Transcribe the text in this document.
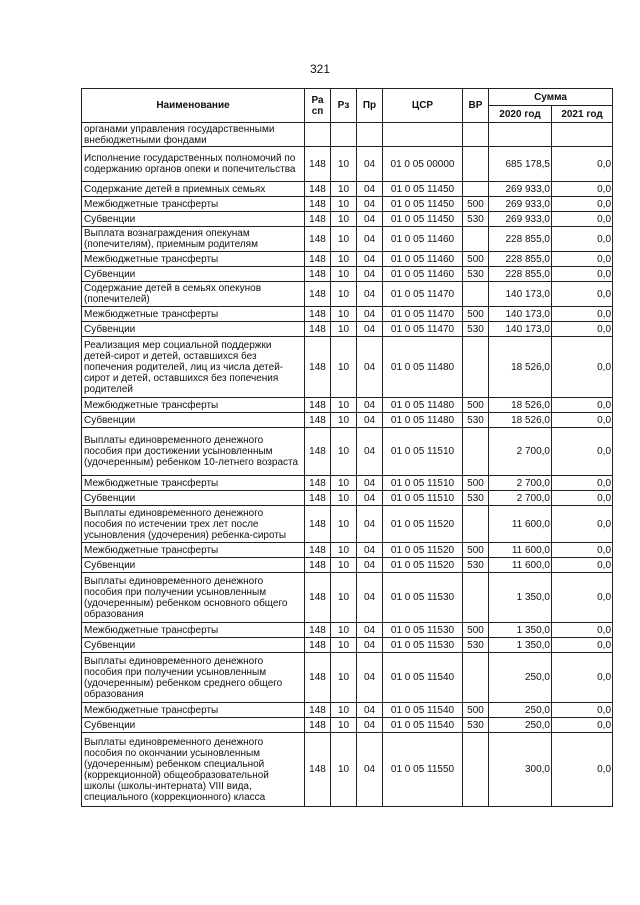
321
Наименование	Ра сп	Рз	Пр	ЦСР	ВР	Сумма	
						2020 год	2021 год
органами управления государственными внебюджетными фондами							
Исполнение государственных полномочий по содержанию органов опеки и попечительства	148	10	04	01 0 05 00000		685 178,5	0,0
Содержание детей в приемных семьях	148	10	04	01 0 05 11450		269 933,0	0,0
Межбюджетные трансферты	148	10	04	01 0 05 11450	500	269 933,0	0,0
Субвенции	148	10	04	01 0 05 11450	530	269 933,0	0,0
Выплата вознаграждения опекунам (попечителям), приемным родителям	148	10	04	01 0 05 11460		228 855,0	0,0
Межбюджетные трансферты	148	10	04	01 0 05 11460	500	228 855,0	0,0
Субвенции	148	10	04	01 0 05 11460	530	228 855,0	0,0
Содержание детей в семьях опекунов (попечителей)	148	10	04	01 0 05 11470		140 173,0	0,0
Межбюджетные трансферты	148	10	04	01 0 05 11470	500	140 173,0	0,0
Субвенции	148	10	04	01 0 05 11470	530	140 173,0	0,0
Реализация мер социальной поддержки детей-сирот и детей, оставшихся без попечения родителей, лиц из числа детей-сирот и детей, оставшихся без попечения родителей	148	10	04	01 0 05 11480		18 526,0	0,0
Межбюджетные трансферты	148	10	04	01 0 05 11480	500	18 526,0	0,0
Субвенции	148	10	04	01 0 05 11480	530	18 526,0	0,0
Выплаты единовременного денежного пособия при достижении усыновленным (удочеренным) ребенком 10-летнего возраста	148	10	04	01 0 05 11510		2 700,0	0,0
Межбюджетные трансферты	148	10	04	01 0 05 11510	500	2 700,0	0,0
Субвенции	148	10	04	01 0 05 11510	530	2 700,0	0,0
Выплаты единовременного денежного пособия по истечении трех лет после усыновления (удочерения) ребенка-сироты	148	10	04	01 0 05 11520		11 600,0	0,0
Межбюджетные трансферты	148	10	04	01 0 05 11520	500	11 600,0	0,0
Субвенции	148	10	04	01 0 05 11520	530	11 600,0	0,0
Выплаты единовременного денежного пособия при получении усыновленным (удочеренным) ребенком основного общего образования	148	10	04	01 0 05 11530		1 350,0	0,0
Межбюджетные трансферты	148	10	04	01 0 05 11530	500	1 350,0	0,0
Субвенции	148	10	04	01 0 05 11530	530	1 350,0	0,0
Выплаты единовременного денежного пособия при получении усыновленным (удочеренным) ребенком среднего общего образования	148	10	04	01 0 05 11540		250,0	0,0
Межбюджетные трансферты	148	10	04	01 0 05 11540	500	250,0	0,0
Субвенции	148	10	04	01 0 05 11540	530	250,0	0,0
Выплаты единовременного денежного пособия по окончании усыновленным (удочеренным) ребенком специальной (коррекционной) общеобразовательной школы (школы-интерната) VIII вида, специального (коррекционного) класса	148	10	04	01 0 05 11550		300,0	0,0
